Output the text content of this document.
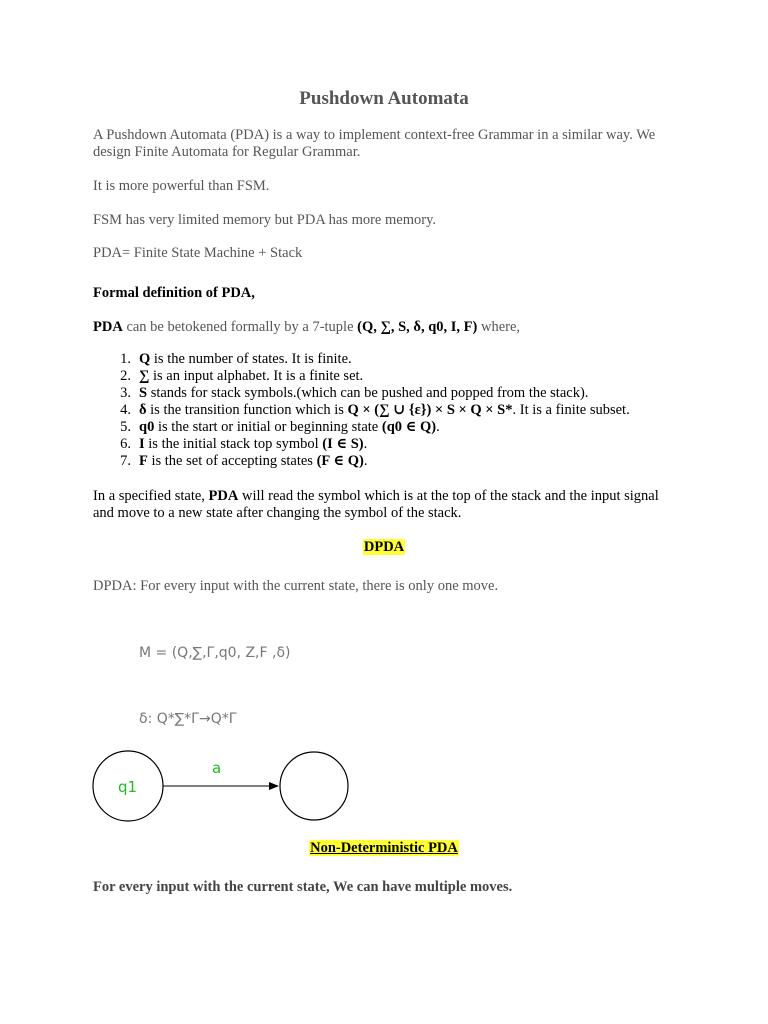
Pushdown Automata

A Pushdown Automata (PDA) is a way to implement context-free Grammar in a similar way. We design Finite Automata for Regular Grammar.

It is more powerful than FSM.

FSM has very limited memory but PDA has more memory.

PDA= Finite State Machine + Stack

Formal definition of PDA,

PDA can be betokened formally by a 7-tuple (Q, ∑, S, δ, q0, I, F) where,

1. Q is the number of states. It is finite.
2. ∑ is an input alphabet. It is a finite set.
3. S stands for stack symbols.(which can be pushed and popped from the stack).
4. δ is the transition function which is Q × (∑ ∪ {ε}) × S × Q × S*. It is a finite subset.
5. q0 is the start or initial or beginning state (q0 ∈ Q).
6. I is the initial stack top symbol (I ∈ S).
7. F is the set of accepting states (F ∈ Q).

In a specified state, PDA will read the symbol which is at the top of the stack and the input signal and move to a new state after changing the symbol of the stack.

DPDA

DPDA: For every input with the current state, there is only one move.

M = (Q,∑,Γ,q0, Z,F ,δ)

δ: Q*∑*Γ→Q*Γ

q1
a

Non-Deterministic PDA

For every input with the current state, We can have multiple moves.
